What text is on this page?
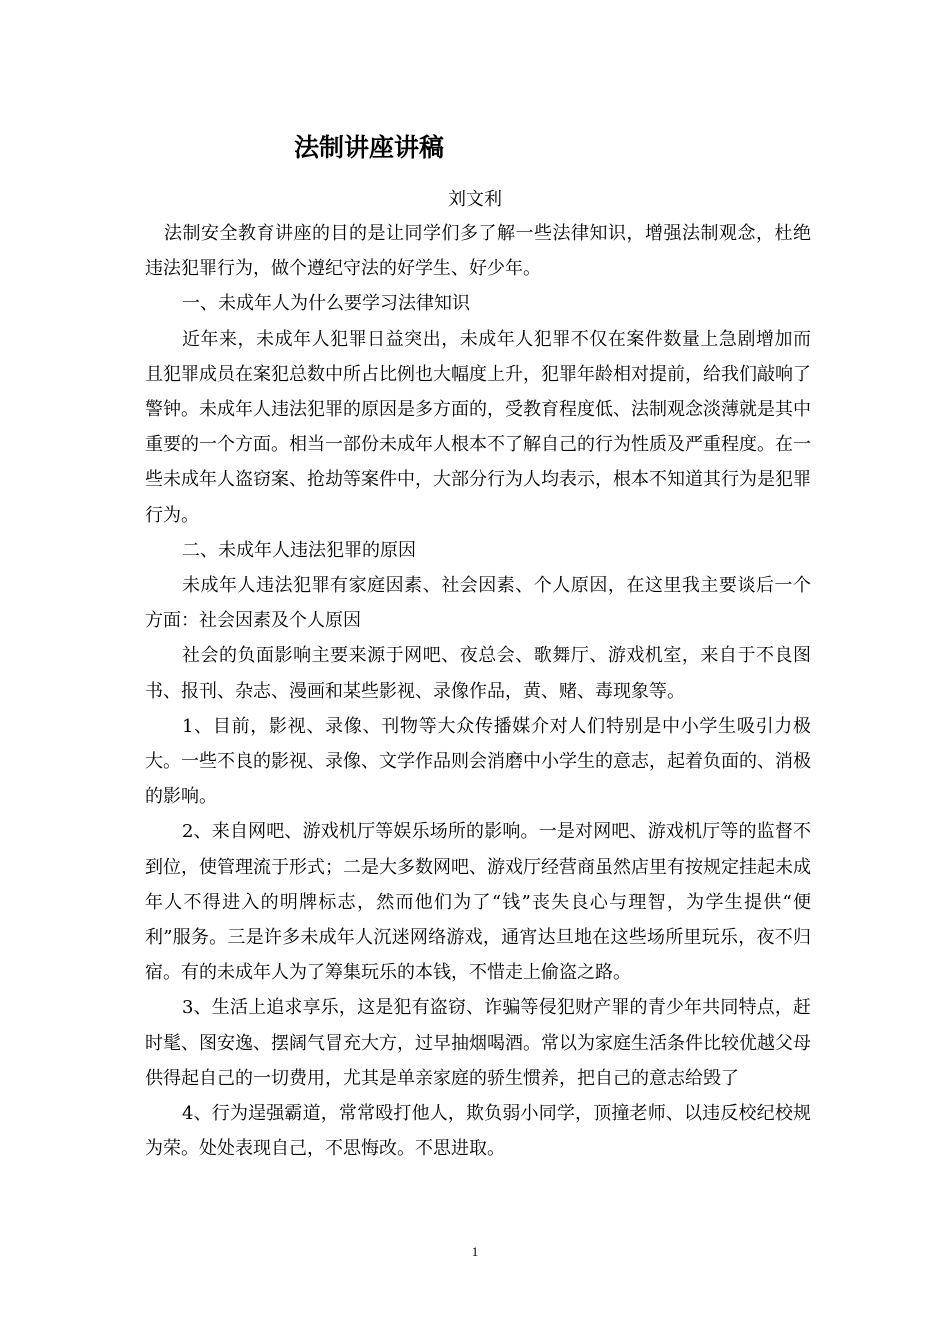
法制讲座讲稿
刘文利

法制安全教育讲座的目的是让同学们多了解一些法律知识，增强法制观念，杜绝违法犯罪行为，做个遵纪守法的好学生、好少年。

一、未成年人为什么要学习法律知识

近年来，未成年人犯罪日益突出，未成年人犯罪不仅在案件数量上急剧增加而且犯罪成员在案犯总数中所占比例也大幅度上升，犯罪年龄相对提前，给我们敲响了警钟。未成年人违法犯罪的原因是多方面的，受教育程度低、法制观念淡薄就是其中重要的一个方面。相当一部份未成年人根本不了解自己的行为性质及严重程度。在一些未成年人盗窃案、抢劫等案件中，大部分行为人均表示，根本不知道其行为是犯罪行为。

二、未成年人违法犯罪的原因

未成年人违法犯罪有家庭因素、社会因素、个人原因，在这里我主要谈后一个方面：社会因素及个人原因

社会的负面影响主要来源于网吧、夜总会、歌舞厅、游戏机室，来自于不良图书、报刊、杂志、漫画和某些影视、录像作品，黄、赌、毒现象等。

1、目前，影视、录像、刊物等大众传播媒介对人们特别是中小学生吸引力极大。一些不良的影视、录像、文学作品则会消磨中小学生的意志，起着负面的、消极的影响。

2、来自网吧、游戏机厅等娱乐场所的影响。一是对网吧、游戏机厅等的监督不到位，使管理流于形式；二是大多数网吧、游戏厅经营商虽然店里有按规定挂起未成年人不得进入的明牌标志，然而他们为了“钱”丧失良心与理智，为学生提供“便利”服务。三是许多未成年人沉迷网络游戏，通宵达旦地在这些场所里玩乐，夜不归宿。有的未成年人为了筹集玩乐的本钱，不惜走上偷盗之路。

3、生活上追求享乐，这是犯有盗窃、诈骗等侵犯财产罪的青少年共同特点，赶时髦、图安逸、摆阔气冒充大方，过早抽烟喝酒。常以为家庭生活条件比较优越父母供得起自己的一切费用，尤其是单亲家庭的骄生惯养，把自己的意志给毁了

4、行为逞强霸道，常常殴打他人，欺负弱小同学，顶撞老师、以违反校纪校规为荣。处处表现自己，不思悔改。不思进取。

1
